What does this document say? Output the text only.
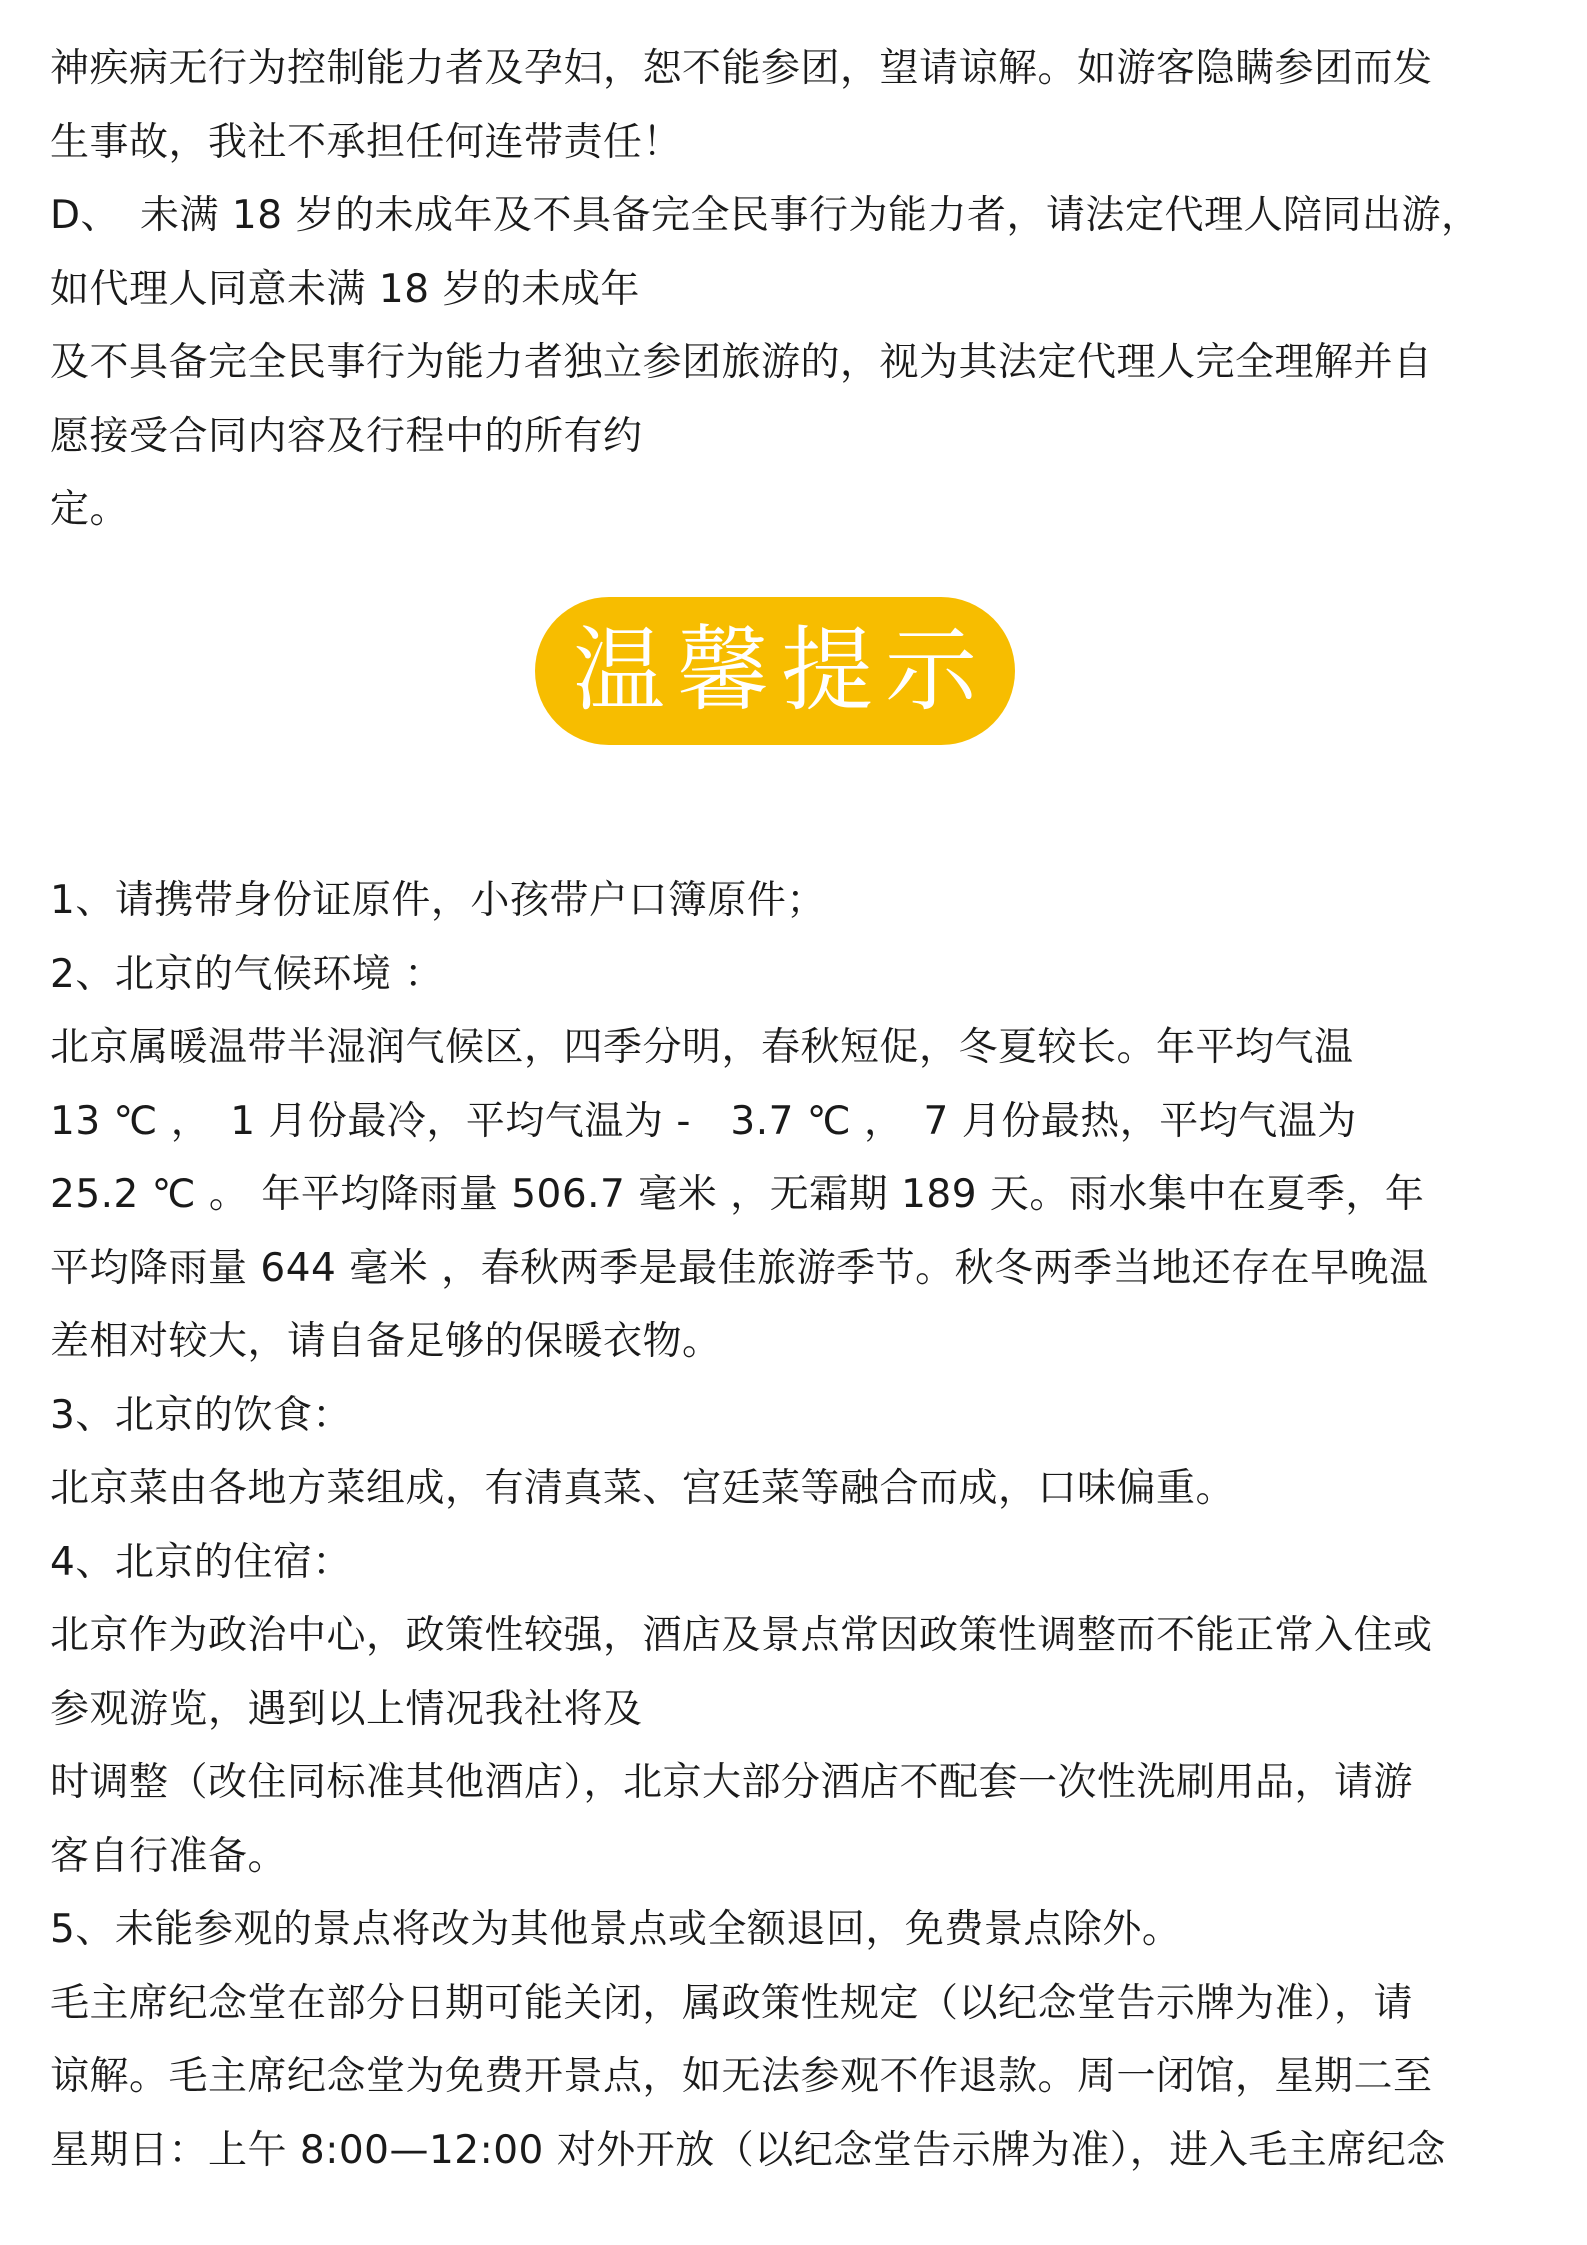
神疾病无行为控制能力者及孕妇，恕不能参团，望请谅解。如游客隐瞒参团而发
生事故，我社不承担任何连带责任！
D、　未满 18 岁的未成年及不具备完全民事行为能力者，请法定代理人陪同出游，
如代理人同意未满 18 岁的未成年
及不具备完全民事行为能力者独立参团旅游的，视为其法定代理人完全理解并自
愿接受合同内容及行程中的所有约
定。
温馨提示
1、请携带身份证原件，小孩带户口簿原件；
2、北京的气候环境 ：
北京属暖温带半湿润气候区，四季分明，春秋短促，冬夏较长。年平均气温
13 ℃ ，　1 月份最冷，平均气温为 -　3.7 ℃ ，　7 月份最热，平均气温为
25.2 ℃ 。 年平均降雨量 506.7 毫米 ，无霜期 189 天。雨水集中在夏季，年
平均降雨量 644 毫米 ，春秋两季是最佳旅游季节。秋冬两季当地还存在早晚温
差相对较大，请自备足够的保暖衣物。
3、北京的饮食：
北京菜由各地方菜组成，有清真菜、宫廷菜等融合而成，口味偏重。
4、北京的住宿：
北京作为政治中心，政策性较强，酒店及景点常因政策性调整而不能正常入住或
参观游览，遇到以上情况我社将及
时调整（改住同标准其他酒店），北京大部分酒店不配套一次性洗刷用品，请游
客自行准备。
5、未能参观的景点将改为其他景点或全额退回，免费景点除外。
毛主席纪念堂在部分日期可能关闭，属政策性规定（以纪念堂告示牌为准），请
谅解。毛主席纪念堂为免费开景点，如无法参观不作退款。周一闭馆，星期二至
星期日：上午 8:00—12:00 对外开放（以纪念堂告示牌为准），进入毛主席纪念
